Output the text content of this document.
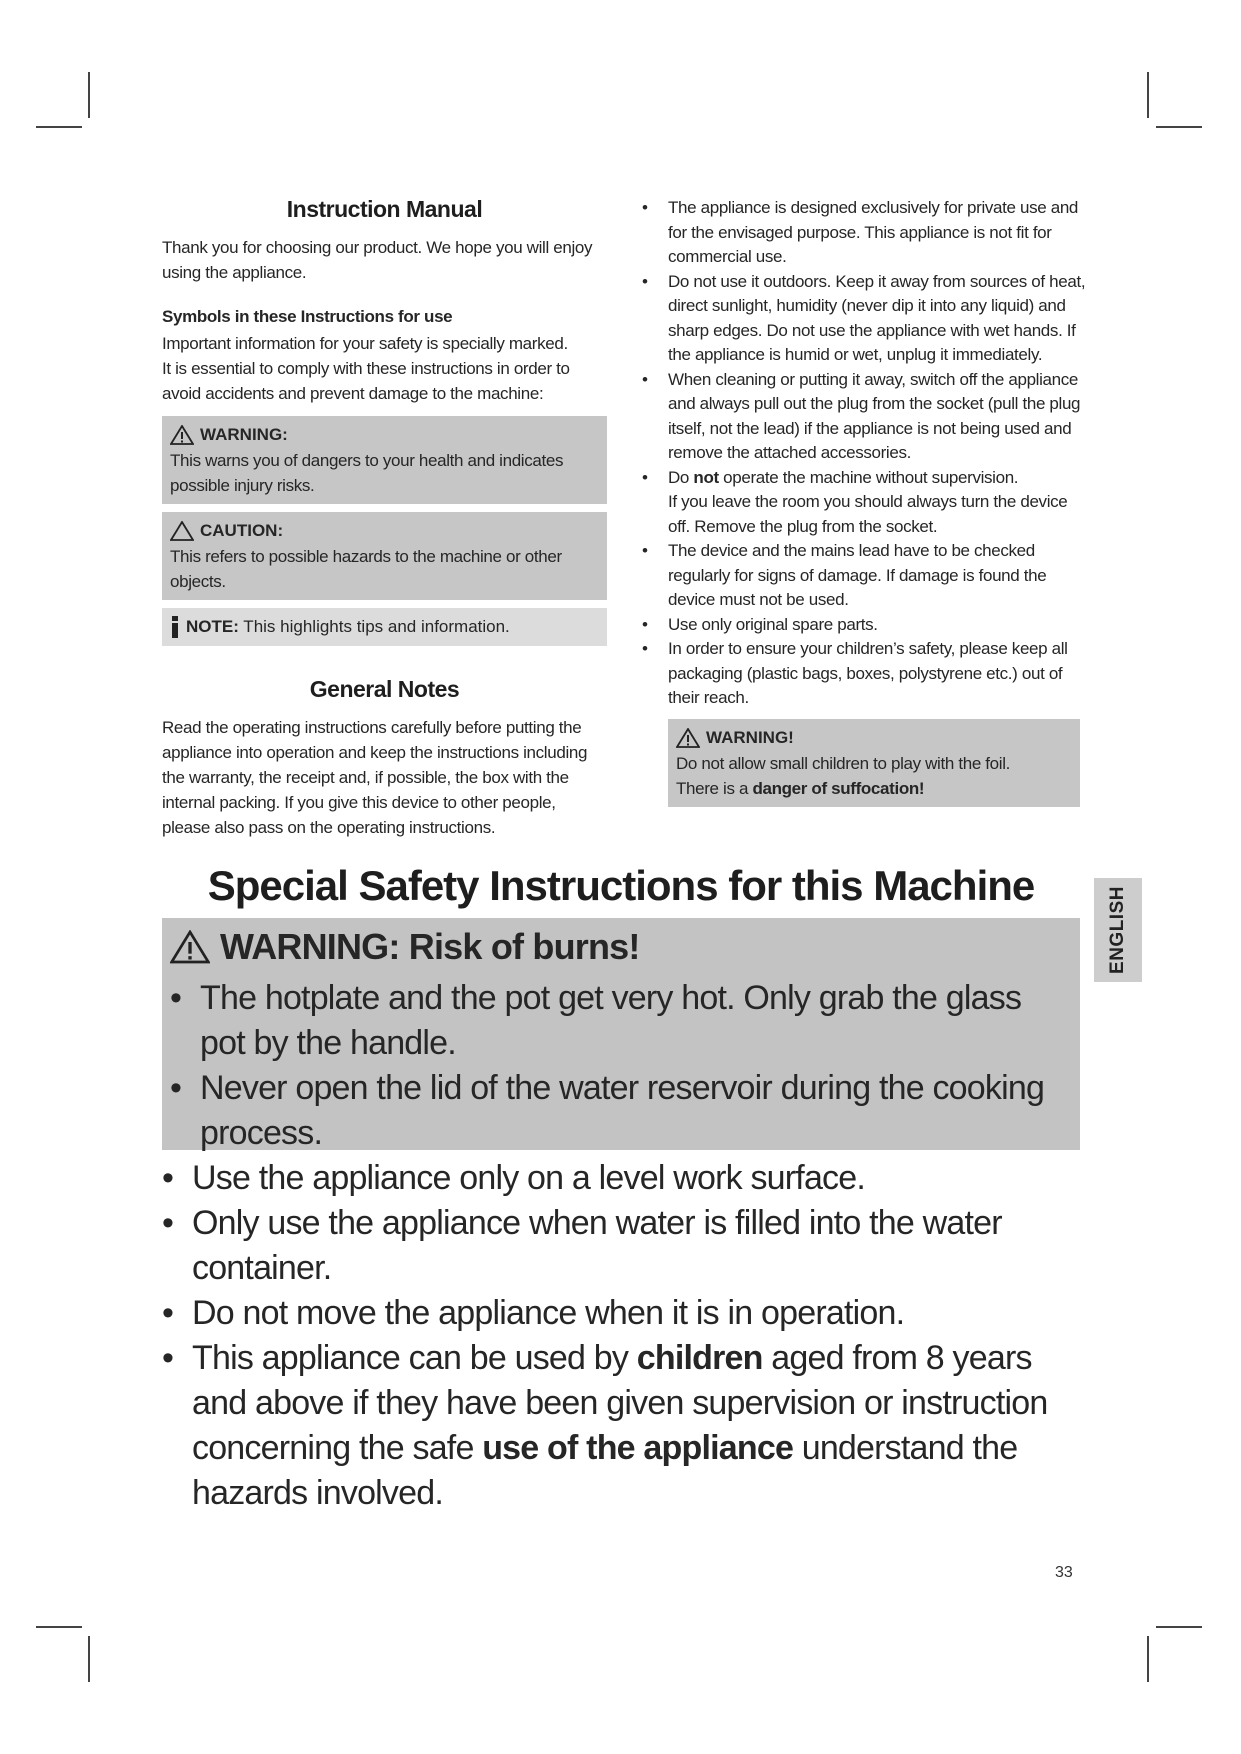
Instruction Manual

Thank you for choosing our product. We hope you will enjoy using the appliance.

Symbols in these Instructions for use

Important information for your safety is specially marked.

It is essential to comply with these instructions in order to avoid accidents and prevent damage to the machine:

WARNING:

This warns you of dangers to your health and indicates possible injury risks.

CAUTION:

This refers to possible hazards to the machine or other objects.

NOTE: This highlights tips and information.
General Notes

Read the operating instructions carefully before putting the appliance into operation and keep the instructions including the warranty, the receipt and, if possible, the box with the internal packing. If you give this device to other people, please also pass on the operating instructions.

• The appliance is designed exclusively for private use and for the envisaged purpose. This appliance is not fit for commercial use.
• Do not use it outdoors. Keep it away from sources of heat, direct sunlight, humidity (never dip it into any liquid) and sharp edges. Do not use the appliance with wet hands. If the appliance is humid or wet, unplug it immediately.
• When cleaning or putting it away, switch off the appliance and always pull out the plug from the socket (pull the plug itself, not the lead) if the appliance is not being used and remove the attached accessories.
• Do not operate the machine without supervision.
If you leave the room you should always turn the device off. Remove the plug from the socket.
• The device and the mains lead have to be checked regularly for signs of damage. If damage is found the device must not be used.
• Use only original spare parts.
• In order to ensure your children’s safety, please keep all packaging (plastic bags, boxes, polystyrene etc.) out of their reach.
WARNING!

Do not allow small children to play with the foil.

There is a danger of suffocation!

Special Safety Instructions for this Machine
WARNING: Risk of burns!
• The hotplate and the pot get very hot. Only grab the glass pot by the handle.
• Never open the lid of the water reservoir during the cooking process.
• Use the appliance only on a level work surface.
• Only use the appliance when water is filled into the water container.
• Do not move the appliance when it is in operation.
• This appliance can be used by children aged from 8 years and above if they have been given supervision or instruction concerning the safe use of the appliance understand the hazards involved.
ENGLISH
33
